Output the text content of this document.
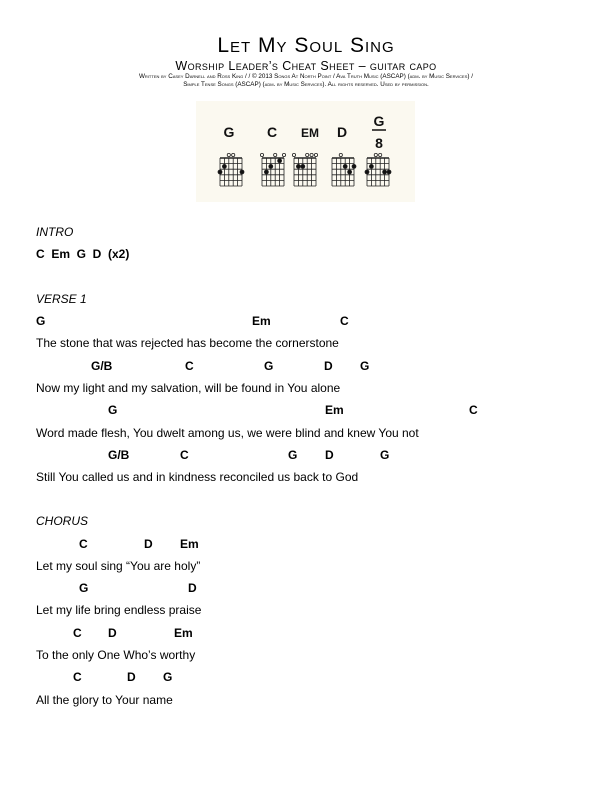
Let My Soul Sing
Worship Leader’s Cheat Sheet – guitar capo
Written by Casey Darnell and Ross King / / © 2013 Songs At North Point / Ava Truth Music (ASCAP) (adm. by Music Services) /
Simple Tense Songs (ASCAP) (adm. by Music Services). All rights reserved. Used by permission.
G C EM D
G
8
INTRO
C  Em  G  D  (x2)
VERSE 1

G

	Em

	C

The stone that was rejected has become the cornerstone

G/B

	C

	G

	D

G

Now my light and my salvation, will be found in You alone

G

	Em

	C

Word made flesh, You dwelt among us, we were blind and knew You not

G/B

	C

	G

D

	G

Still You called us and in kindness reconciled us back to God
CHORUS

C

	D

Em

Let my soul sing “You are holy”

G

	D

Let my life bring endless praise

C

D

	Em

To the only One Who’s worthy

C

	D

G

All the glory to Your name
